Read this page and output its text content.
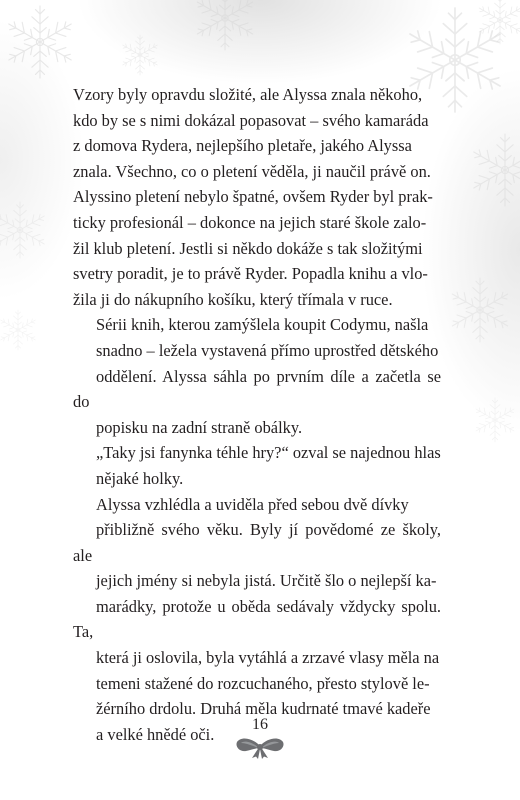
Vzory byly opravdu složité, ale Alyssa znala někoho,
kdo by se s nimi dokázal popasovat – svého kamaráda
z domova Rydera, nejlepšího pletaře, jakého Alyssa
znala. Všechno, co o pletení věděla, ji naučil právě on.
Alyssino pletení nebylo špatné, ovšem Ryder byl prak-
ticky profesionál – dokonce na jejich staré škole zalo-
žil klub pletení. Jestli si někdo dokáže s tak složitými
svetry poradit, je to právě Ryder. Popadla knihu a vlo-
žila ji do nákupního košíku, který třímala v ruce.
Sérii knih, kterou zamýšlela koupit Codymu, našla
snadno – ležela vystavená přímo uprostřed dětského
oddělení. Alyssa sáhla po prvním díle a začetla se do
popisku na zadní straně obálky.
„Taky jsi fanynka téhle hry?“ ozval se najednou hlas
nějaké holky.
Alyssa vzhlédla a uviděla před sebou dvě dívky
přibližně svého věku. Byly jí povědomé ze školy, ale
jejich jmény si nebyla jistá. Určitě šlo o nejlepší ka-
marádky, protože u oběda sedávaly vždycky spolu. Ta,
která ji oslovila, byla vytáhlá a zrzavé vlasy měla na
temeni stažené do rozcuchaného, přesto stylově le-
žérního drdolu. Druhá měla kudrnaté tmavé kadeře
a velké hnědé oči.
16
